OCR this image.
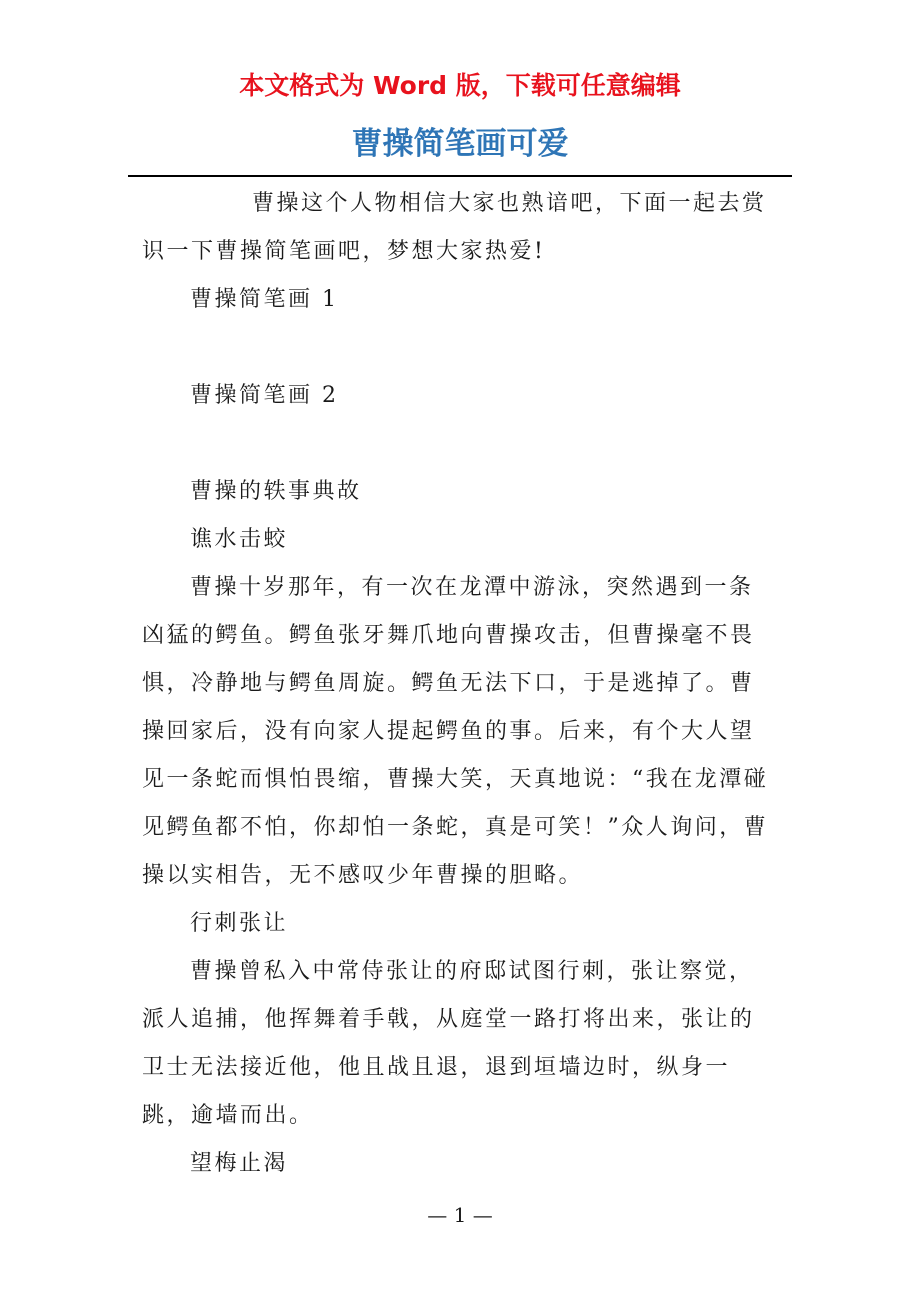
本文格式为 Word 版，下载可任意编辑
曹操简笔画可爱

曹操这个人物相信大家也熟谙吧，下面一起去赏识一下曹操简笔画吧，梦想大家热爱!

曹操简笔画 1

曹操简笔画 2

曹操的轶事典故

谯水击蛟

曹操十岁那年，有一次在龙潭中游泳，突然遇到一条凶猛的鳄鱼。鳄鱼张牙舞爪地向曹操攻击，但曹操毫不畏惧，冷静地与鳄鱼周旋。鳄鱼无法下口，于是逃掉了。曹操回家后，没有向家人提起鳄鱼的事。后来，有个大人望见一条蛇而惧怕畏缩，曹操大笑，天真地说：“我在龙潭碰见鳄鱼都不怕，你却怕一条蛇，真是可笑！”众人询问，曹操以实相告，无不感叹少年曹操的胆略。

行刺张让

曹操曾私入中常侍张让的府邸试图行刺，张让察觉，派人追捕，他挥舞着手戟，从庭堂一路打将出来，张让的卫士无法接近他，他且战且退，退到垣墙边时，纵身一跳，逾墙而出。

望梅止渴

— 1 —
